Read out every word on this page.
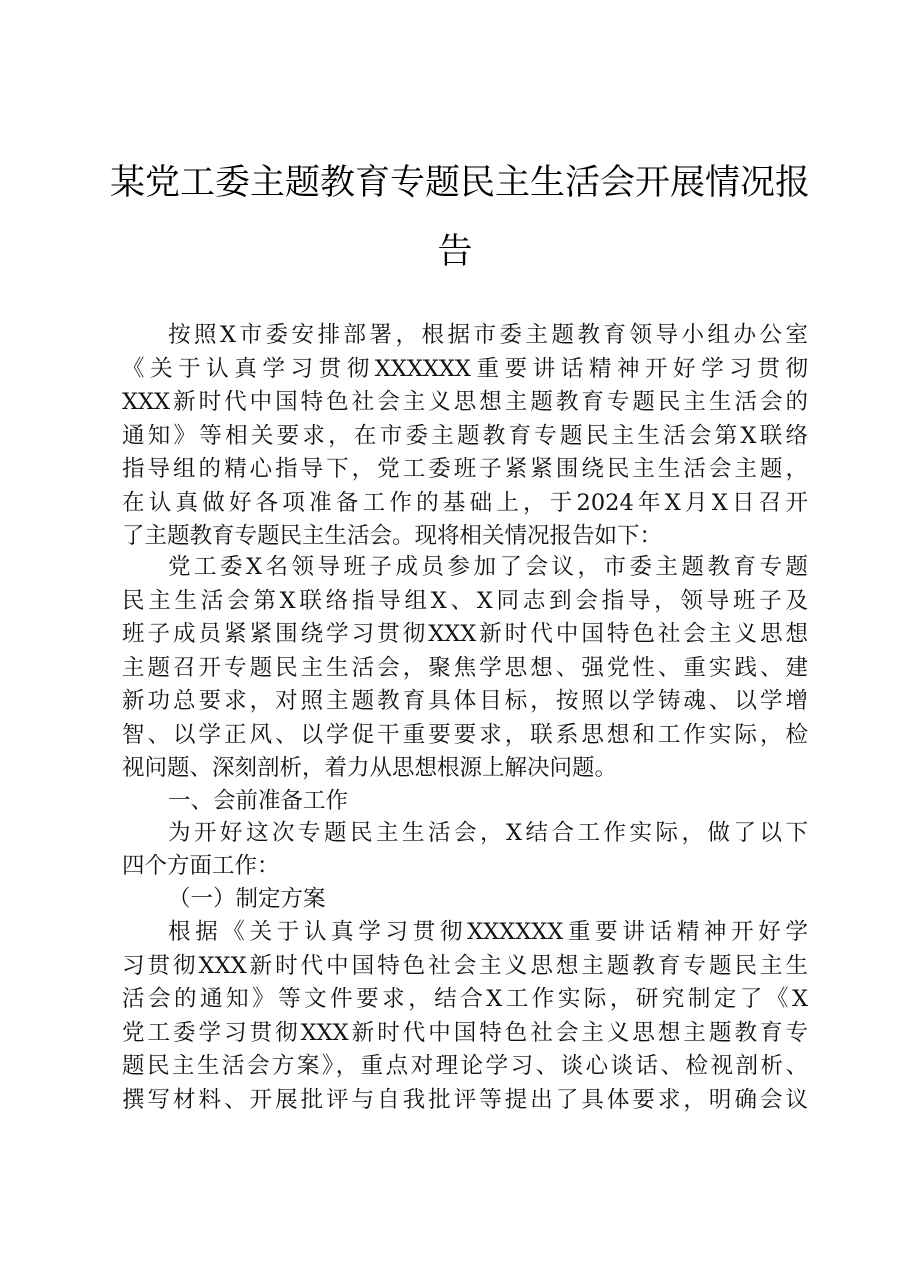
某党工委主题教育专题民主生活会开展情况报
告
按照X市委安排部署，根据市委主题教育领导小组办公室
《关于认真学习贯彻XXXXXX重要讲话精神开好学习贯彻
XXX新时代中国特色社会主义思想主题教育专题民主生活会的
通知》等相关要求，在市委主题教育专题民主生活会第X联络
指导组的精心指导下，党工委班子紧紧围绕民主生活会主题，
在认真做好各项准备工作的基础上，于2024年X月X日召开
了主题教育专题民主生活会。现将相关情况报告如下：
党工委X名领导班子成员参加了会议，市委主题教育专题
民主生活会第X联络指导组X、X同志到会指导，领导班子及
班子成员紧紧围绕学习贯彻XXX新时代中国特色社会主义思想
主题召开专题民主生活会，聚焦学思想、强党性、重实践、建
新功总要求，对照主题教育具体目标，按照以学铸魂、以学增
智、以学正风、以学促干重要要求，联系思想和工作实际，检
视问题、深刻剖析，着力从思想根源上解决问题。
一、会前准备工作
为开好这次专题民主生活会，X结合工作实际，做了以下
四个方面工作：
（一）制定方案
根据《关于认真学习贯彻XXXXXX重要讲话精神开好学
习贯彻XXX新时代中国特色社会主义思想主题教育专题民主生
活会的通知》等文件要求，结合X工作实际，研究制定了《X
党工委学习贯彻XXX新时代中国特色社会主义思想主题教育专
题民主生活会方案》，重点对理论学习、谈心谈话、检视剖析、
撰写材料、开展批评与自我批评等提出了具体要求，明确会议
